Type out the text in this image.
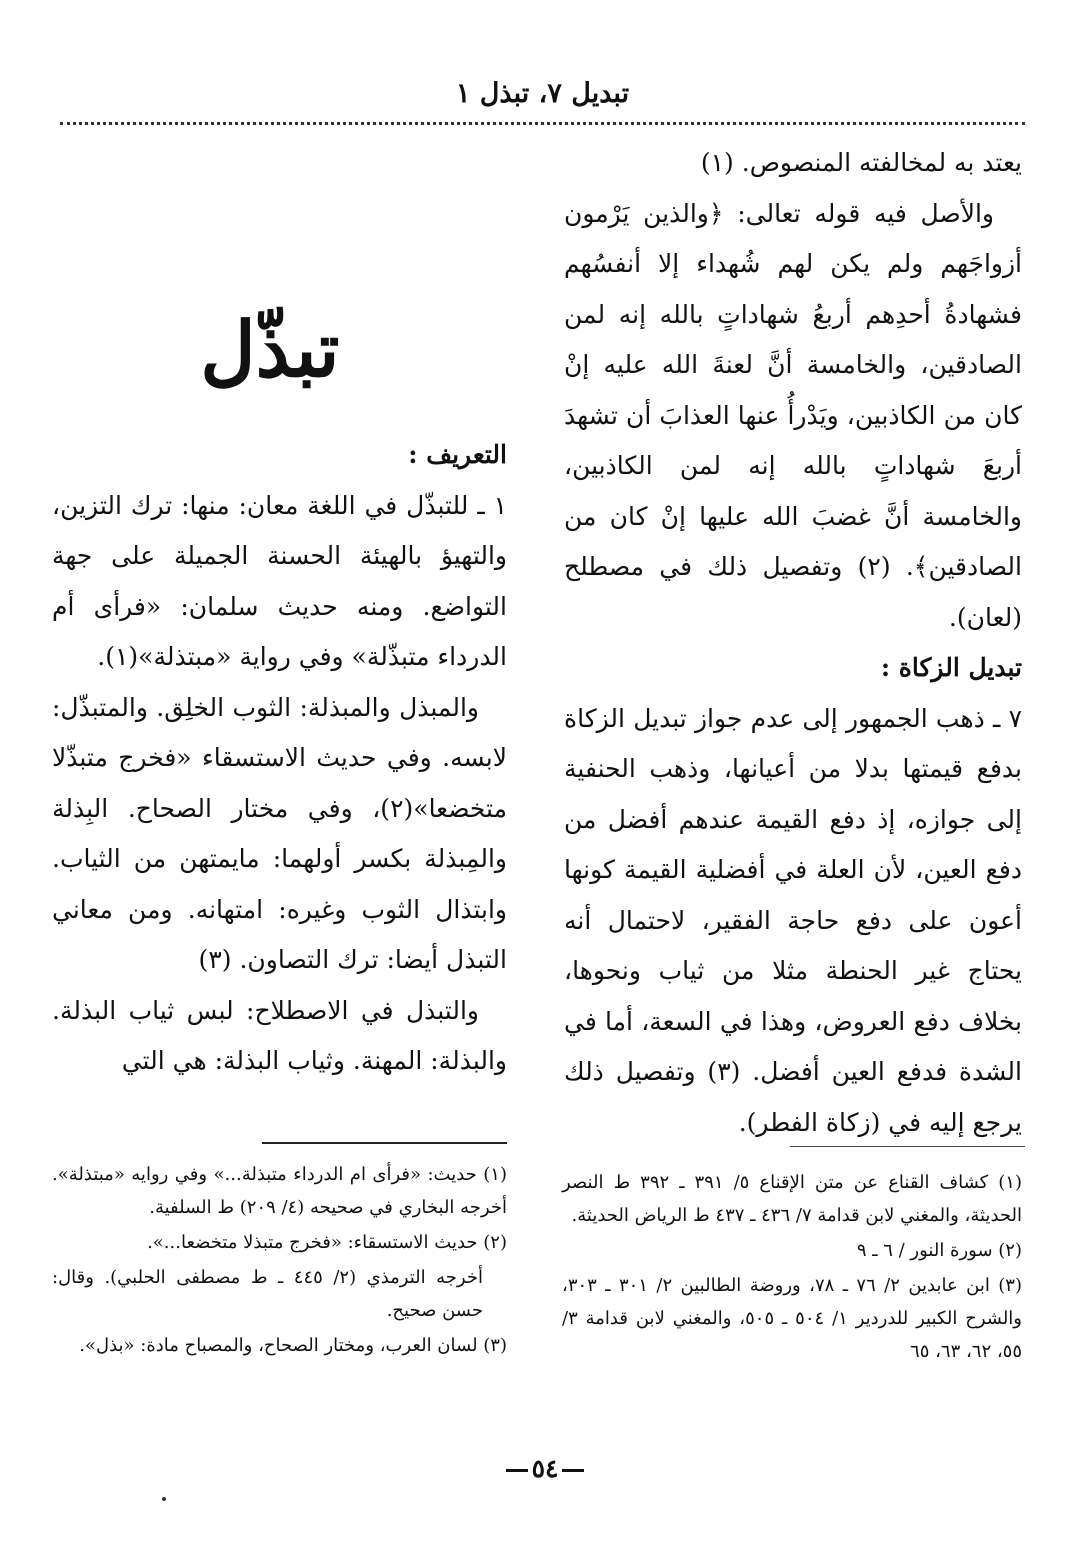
تبديل ٧، تبذل ١

يعتد به لمخالفته المنصوص. (١)

والأصل فيه قوله تعالى: ﴿والذين يَرْمون أزواجَهم ولم يكن لهم شُهداء إلا أنفسُهم فشهادةُ أحدِهم أربعُ شهاداتٍ بالله إنه لمن الصادقين، والخامسة أنَّ لعنةَ الله عليه إنْ كان من الكاذبين، ويَدْرأُ عنها العذابَ أن تشهدَ أربعَ شهاداتٍ بالله إنه لمن الكاذبين، والخامسة أنَّ غضبَ الله عليها إنْ كان من الصادقين﴾. (٢) وتفصيل ذلك في مصطلح (لعان).

تبديل الزكاة :

٧ ـ ذهب الجمهور إلى عدم جواز تبديل الزكاة بدفع قيمتها بدلا من أعيانها، وذهب الحنفية إلى جوازه، إذ دفع القيمة عندهم أفضل من دفع العين، لأن العلة في أفضلية القيمة كونها أعون على دفع حاجة الفقير، لاحتمال أنه يحتاج غير الحنطة مثلا من ثياب ونحوها، بخلاف دفع العروض، وهذا في السعة، أما في الشدة فدفع العين أفضل. (٣) وتفصيل ذلك يرجع إليه في (زكاة الفطر).

تبذّل

التعريف :

١ ـ للتبذّل في اللغة معان: منها: ترك التزين، والتهيؤ بالهيئة الحسنة الجميلة على جهة التواضع. ومنه حديث سلمان: «فرأى أم الدرداء متبذّلة» وفي رواية «مبتذلة»(١).

والمبذل والمبذلة: الثوب الخلِق. والمتبذّل: لابسه. وفي حديث الاستسقاء «فخرج متبذّلا متخضعا»(٢)، وفي مختار الصحاح. البِذلة والمِبذلة بكسر أولهما: مايمتهن من الثياب. وابتذال الثوب وغيره: امتهانه. ومن معاني التبذل أيضا: ترك التصاون. (٣)

والتبذل في الاصطلاح: لبس ثياب البذلة. والبذلة: المهنة. وثياب البذلة: هي التي

(١) حديث: «فرأى ام الدرداء متبذلة...» وفي روايه «مبتذلة». أخرجه البخاري في صحيحه (٤/ ٢٠٩) ط السلفية.

(٢) حديث الاستسقاء: «فخرج متبذلا متخضعا...».

أخرجه الترمذي (٢/ ٤٤٥ ـ ط مصطفى الحلبي). وقال: حسن صحيح.

(٣) لسان العرب، ومختار الصحاح، والمصباح مادة: «بذل».

(١) كشاف القناع عن متن الإقناع ٥/ ٣٩١ ـ ٣٩٢ ط النصر الحديثة، والمغني لابن قدامة ٧/ ٤٣٦ ـ ٤٣٧ ط الرياض الحديثة.

(٢) سورة النور / ٦ ـ ٩

(٣) ابن عابدين ٢/ ٧٦ ـ ٧٨، وروضة الطالبين ٢/ ٣٠١ ـ ٣٠٣، والشرح الكبير للدردير ١/ ٥٠٤ ـ ٥٠٥، والمغني لابن قدامة ٣/ ٥٥، ٦٢، ٦٣، ٦٥

٥٤
